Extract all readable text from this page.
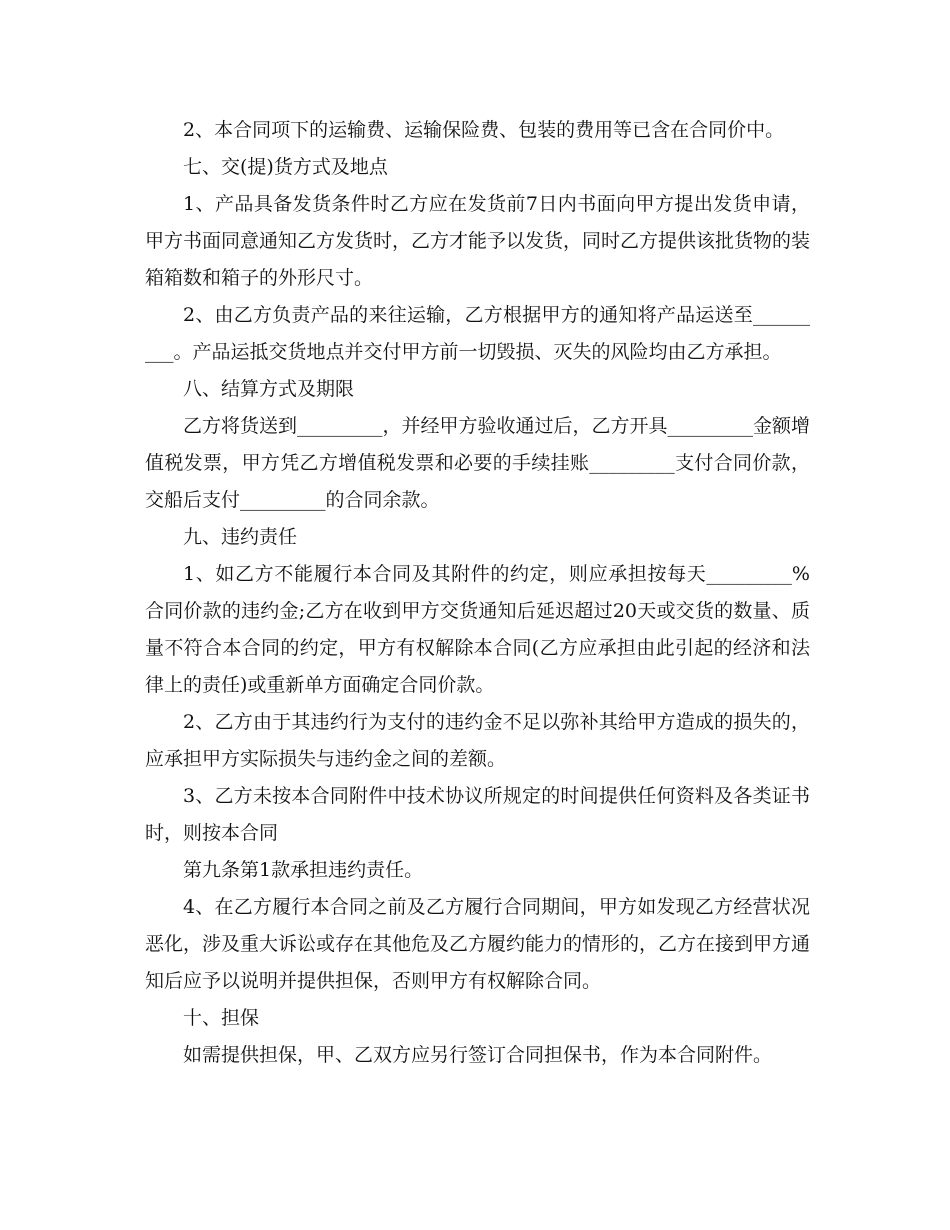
2、本合同项下的运输费、运输保险费、包装的费用等已含在合同价中。

七、交(提)货方式及地点

1、产品具备发货条件时乙方应在发货前7日内书面向甲方提出发货申请，甲方书面同意通知乙方发货时，乙方才能予以发货，同时乙方提供该批货物的装箱箱数和箱子的外形尺寸。

2、由乙方负责产品的来往运输，乙方根据甲方的通知将产品运送至_________。产品运抵交货地点并交付甲方前一切毁损、灭失的风险均由乙方承担。

八、结算方式及期限

乙方将货送到_________，并经甲方验收通过后，乙方开具_________金额增值税发票，甲方凭乙方增值税发票和必要的手续挂账_________支付合同价款，交船后支付_________的合同余款。

九、违约责任

1、如乙方不能履行本合同及其附件的约定，则应承担按每天_________%合同价款的违约金;乙方在收到甲方交货通知后延迟超过20天或交货的数量、质量不符合本合同的约定，甲方有权解除本合同(乙方应承担由此引起的经济和法律上的责任)或重新单方面确定合同价款。

2、乙方由于其违约行为支付的违约金不足以弥补其给甲方造成的损失的，应承担甲方实际损失与违约金之间的差额。

3、乙方未按本合同附件中技术协议所规定的时间提供任何资料及各类证书时，则按本合同

第九条第1款承担违约责任。

4、在乙方履行本合同之前及乙方履行合同期间，甲方如发现乙方经营状况恶化，涉及重大诉讼或存在其他危及乙方履约能力的情形的，乙方在接到甲方通知后应予以说明并提供担保，否则甲方有权解除合同。

十、担保

如需提供担保，甲、乙双方应另行签订合同担保书，作为本合同附件。
